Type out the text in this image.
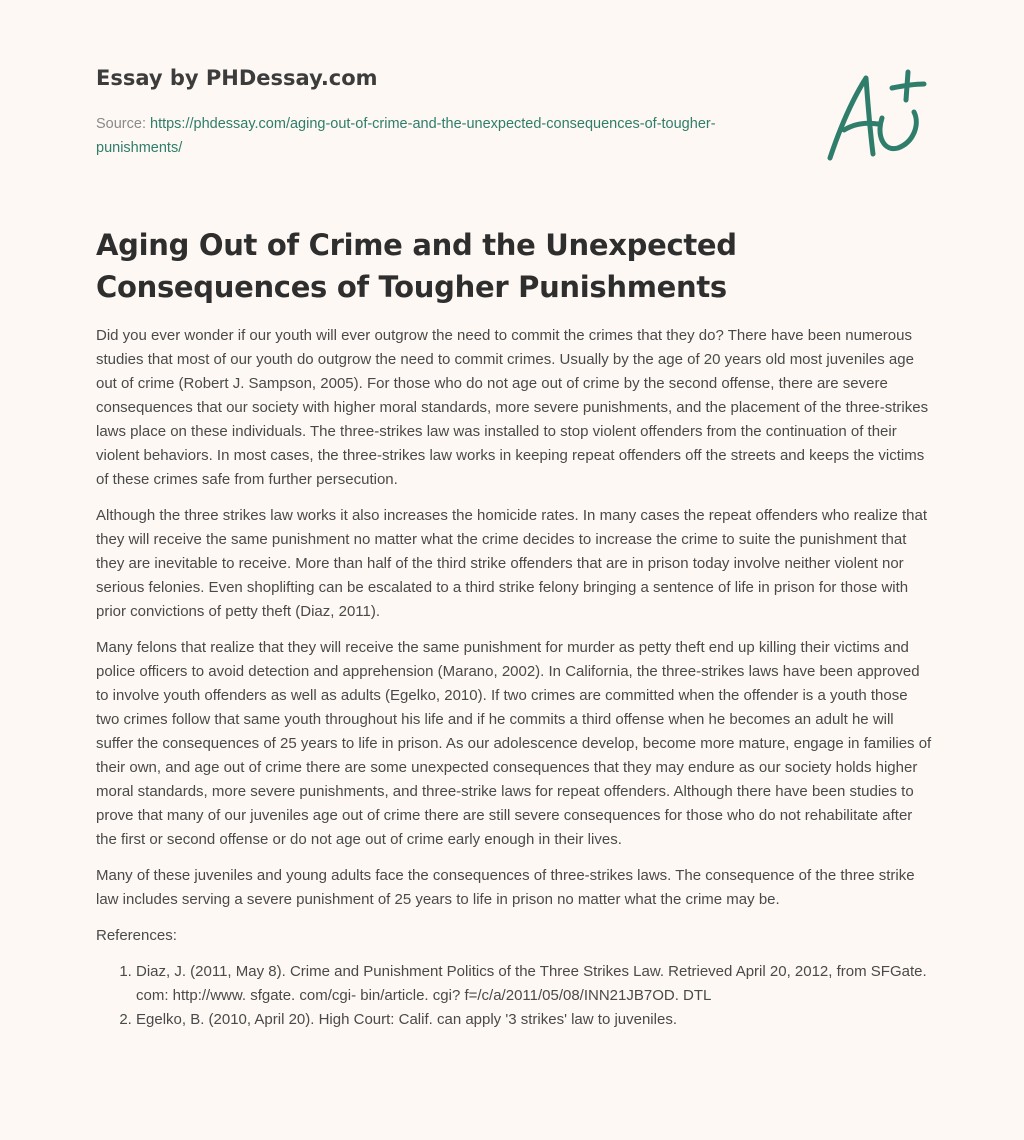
Essay by PHDessay.com
Source: https://phdessay.com/aging-out-of-crime-and-the-unexpected-consequences-of-tougher-punishments/
Aging Out of Crime and the Unexpected Consequences of Tougher Punishments

Did you ever wonder if our youth will ever outgrow the need to commit the crimes that they do? There have been numerous studies that most of our youth do outgrow the need to commit crimes. Usually by the age of 20 years old most juveniles age out of crime (Robert J. Sampson, 2005). For those who do not age out of crime by the second offense, there are severe consequences that our society with higher moral standards, more severe punishments, and the placement of the three-strikes laws place on these individuals. The three-strikes law was installed to stop violent offenders from the continuation of their violent behaviors. In most cases, the three-strikes law works in keeping repeat offenders off the streets and keeps the victims of these crimes safe from further persecution.

Although the three strikes law works it also increases the homicide rates. In many cases the repeat offenders who realize that they will receive the same punishment no matter what the crime decides to increase the crime to suite the punishment that they are inevitable to receive. More than half of the third strike offenders that are in prison today involve neither violent nor serious felonies. Even shoplifting can be escalated to a third strike felony bringing a sentence of life in prison for those with prior convictions of petty theft (Diaz, 2011).

Many felons that realize that they will receive the same punishment for murder as petty theft end up killing their victims and police officers to avoid detection and apprehension (Marano, 2002). In California, the three-strikes laws have been approved to involve youth offenders as well as adults (Egelko, 2010). If two crimes are committed when the offender is a youth those two crimes follow that same youth throughout his life and if he commits a third offense when he becomes an adult he will suffer the consequences of 25 years to life in prison. As our adolescence develop, become more mature, engage in families of their own, and age out of crime there are some unexpected consequences that they may endure as our society holds higher moral standards, more severe punishments, and three-strike laws for repeat offenders. Although there have been studies to prove that many of our juveniles age out of crime there are still severe consequences for those who do not rehabilitate after the first or second offense or do not age out of crime early enough in their lives.

Many of these juveniles and young adults face the consequences of three-strikes laws. The consequence of the three strike law includes serving a severe punishment of 25 years to life in prison no matter what the crime may be.

References:

1. Diaz, J. (2011, May 8). Crime and Punishment Politics of the Three Strikes Law. Retrieved April 20, 2012, from SFGate. com: http://www. sfgate. com/cgi- bin/article. cgi? f=/c/a/2011/05/08/INN21JB7OD. DTL
2. Egelko, B. (2010, April 20). High Court: Calif. can apply '3 strikes' law to juveniles.
